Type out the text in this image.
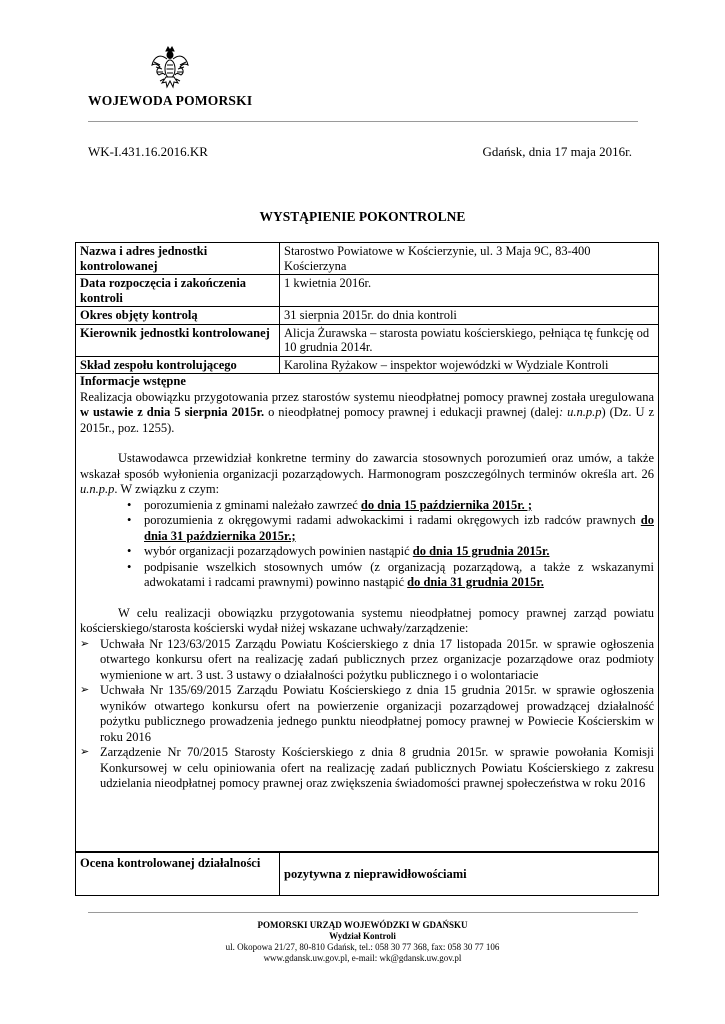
WOJEWODA POMORSKI
WK-I.431.16.2016.KR	Gdańsk, dnia 17 maja 2016r.
WYSTĄPIENIE POKONTROLNE
Nazwa i adres jednostki kontrolowanej	Starostwo Powiatowe w Kościerzynie, ul. 3 Maja 9C, 83-400 Kościerzyna
Data rozpoczęcia i zakończenia kontroli	1 kwietnia 2016r.
Okres objęty kontrolą	31 sierpnia 2015r. do dnia kontroli
Kierownik jednostki kontrolowanej	Alicja Żurawska – starosta powiatu kościerskiego, pełniąca tę funkcję od 10 grudnia 2014r.
Skład zespołu kontrolującego	Karolina Ryżakow – inspektor wojewódzki w Wydziale Kontroli
Informacje wstępne

Realizacja obowiązku przygotowania przez starostów systemu nieodpłatnej pomocy prawnej została uregulowana w ustawie z dnia 5 sierpnia 2015r. o nieodpłatnej pomocy prawnej i edukacji prawnej (dalej: u.n.p.p) (Dz. U z 2015r., poz. 1255).

Ustawodawca przewidział konkretne terminy do zawarcia stosownych porozumień oraz umów, a także wskazał sposób wyłonienia organizacji pozarządowych. Harmonogram poszczególnych terminów określa art. 26 u.n.p.p. W związku z czym:

• porozumienia z gminami należało zawrzeć do dnia 15 października 2015r. ;
• porozumienia z okręgowymi radami adwokackimi i radami okręgowych izb radców prawnych do dnia 31 października 2015r.;
• wybór organizacji pozarządowych powinien nastąpić do dnia 15 grudnia 2015r.
• podpisanie wszelkich stosownych umów (z organizacją pozarządową, a także z wskazanymi adwokatami i radcami prawnymi) powinno nastąpić do dnia 31 grudnia 2015r.

W celu realizacji obowiązku przygotowania systemu nieodpłatnej pomocy prawnej zarząd powiatu kościerskiego/starosta kościerski wydał niżej wskazane uchwały/zarządzenie:

➢ Uchwała Nr 123/63/2015 Zarządu Powiatu Kościerskiego z dnia 17 listopada 2015r. w sprawie ogłoszenia otwartego konkursu ofert na realizację zadań publicznych przez organizacje pozarządowe oraz podmioty wymienione w art. 3 ust. 3 ustawy o działalności pożytku publicznego i o wolontariacie
➢ Uchwała Nr 135/69/2015 Zarządu Powiatu Kościerskiego z dnia 15 grudnia 2015r. w sprawie ogłoszenia wyników otwartego konkursu ofert na powierzenie organizacji pozarządowej prowadzącej działalność pożytku publicznego prowadzenia jednego punktu nieodpłatnej pomocy prawnej w Powiecie Kościerskim w roku 2016
➢ Zarządzenie Nr 70/2015 Starosty Kościerskiego z dnia 8 grudnia 2015r. w sprawie powołania Komisji Konkursowej w celu opiniowania ofert na realizację zadań publicznych Powiatu Kościerskiego z zakresu udzielania nieodpłatnej pomocy prawnej oraz zwiększenia świadomości prawnej społeczeństwa w roku 2016
Ocena kontrolowanej działalności	pozytywna z nieprawidłowościami
POMORSKI URZĄD WOJEWÓDZKI W GDAŃSKU
Wydział Kontroli
ul. Okopowa 21/27, 80-810 Gdańsk, tel.: 058 30 77 368, fax: 058 30 77 106
www.gdansk.uw.gov.pl, e-mail: wk@gdansk.uw.gov.pl
